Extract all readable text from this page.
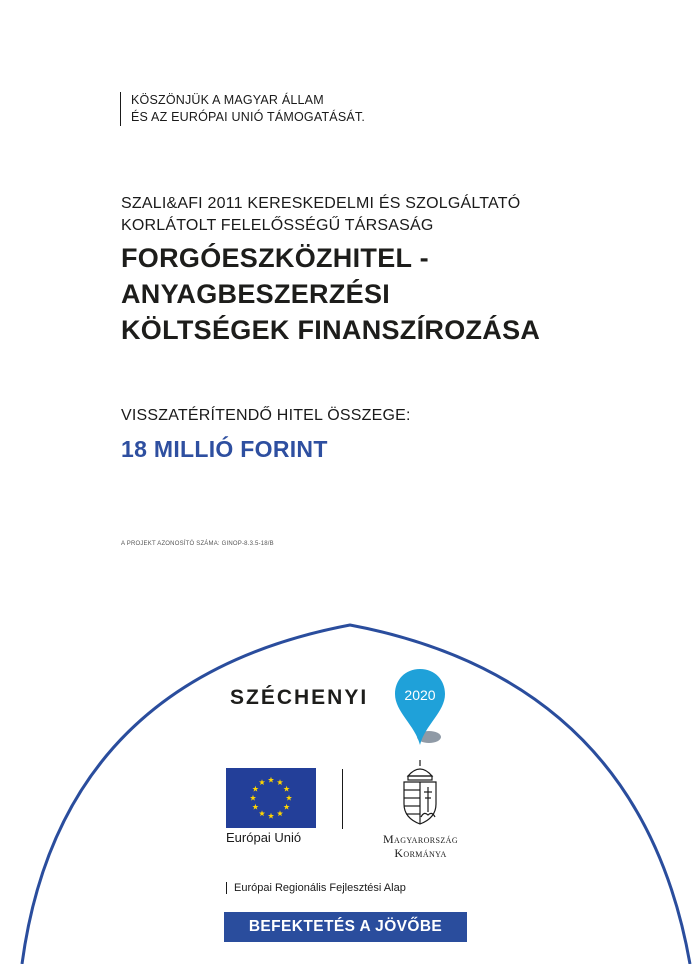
KÖSZÖNJÜK A MAGYAR ÁLLAM
ÉS AZ EURÓPAI UNIÓ TÁMOGATÁSÁT.
SZALI&AFI 2011 KERESKEDELMI ÉS SZOLGÁLTATÓ
KORLÁTOLT FELELŐSSÉGŰ TÁRSASÁG
FORGÓESZKÖZHITEL -
ANYAGBESZERZÉSI
KÖLTSÉGEK FINANSZÍROZÁSA
VISSZATÉRÍTENDŐ HITEL ÖSSZEGE:
18 MILLIÓ FORINT
A PROJEKT AZONOSÍTÓ SZÁMA: GINOP-8.3.5-18/B
SZÉCHENYI	2020
Európai Unió	Magyarország
Kormánya
Európai Regionális Fejlesztési Alap
BEFEKTETÉS A JÖVŐBE
